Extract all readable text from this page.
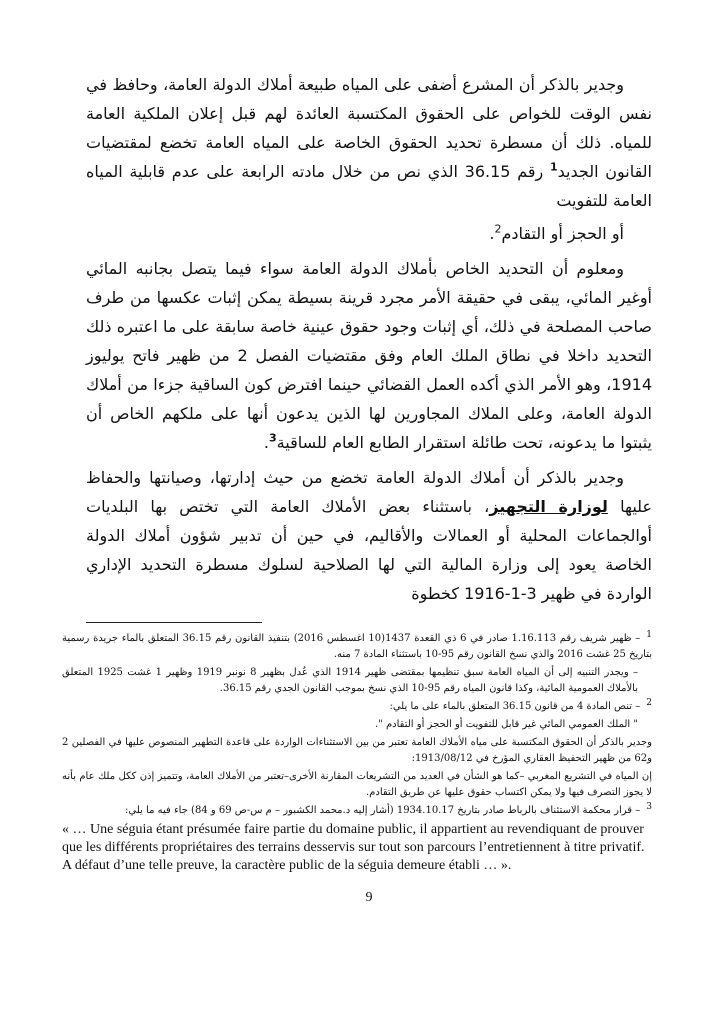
وجدير بالذكر أن المشرع أضفى على المياه طبيعة أملاك الدولة العامة، وحافظ في نفس الوقت للخواص على الحقوق المكتسبة العائدة لهم قبل إعلان الملكية العامة للمياه. ذلك أن مسطرة تحديد الحقوق الخاصة على المياه العامة تخضع لمقتضيات القانون الجديد$^1$ رقم 36.15 الذي نص من خلال مادته الرابعة على عدم قابلية المياه العامة للتفويت

أو الحجز أو التقادم$^2$.

ومعلوم أن التحديد الخاص بأملاك الدولة العامة سواء فيما يتصل بجانبه المائي أوغير المائي، يبقى في حقيقة الأمر مجرد قرينة بسيطة يمكن إثبات عكسها من طرف صاحب المصلحة في ذلك، أي إثبات وجود حقوق عينية خاصة سابقة على ما اعتبره ذلك التحديد داخلا في نطاق الملك العام وفق مقتضيات الفصل 2 من ظهير فاتح يوليوز 1914، وهو الأمر الذي أكده العمل القضائي حينما افترض كون الساقية جزءا من أملاك الدولة العامة، وعلى الملاك المجاورين لها الذين يدعون أنها على ملكهم الخاص أن يثبتوا ما يدعونه، تحت طائلة استقرار الطابع العام للساقية$^3$.

وجدير بالذكر أن أملاك الدولة العامة تخضع من حيث إدارتها، وصيانتها والحفاظ عليها لوزارة التجهيز، باستثناء بعض الأملاك العامة التي تختص بها البلديات أوالجماعات المحلية أو العمالات والأقاليم، في حين أن تدبير شؤون أملاك الدولة الخاصة يعود إلى وزارة المالية التي لها الصلاحية لسلوك مسطرة التحديد الإداري الواردة في ظهير 3-1-1916 كخطوة

1– ظهير شريف رقم 1.16.113 صادر في 6 ذي القعدة 1437(10 اغسطس 2016) بتنفيذ القانون رقم 36.15 المتعلق بالماء جريدة رسمية بتاريخ 25 غشت 2016 والذي نسخ القانون رقم 95-10 باستثناء المادة 7 منه.

– ويجدر التنبيه إلى أن المياه العامة سبق تنظيمها بمقتضى ظهير 1914 الذي عُدل بظهير 8 نونبر 1919 وظهير 1 غشت 1925 المتعلق بالأملاك العمومية المائية، وكذا قانون المياه رقم 95-10 الذي نسخ بموجب القانون الجدي رقم 36.15.

2– تنص المادة 4 من قانون 36.15 المتعلق بالماء على ما يلي:

" الملك العمومي المائي غير قابل للتفويت أو الحجز أو التقادم ".

وجدير بالذكر أن الحقوق المكتسبة على مياه الأملاك العامة تعتبر من بين الاستثناءات الواردة على قاعدة التطهير المنصوص عليها في الفصلين 2 و62 من ظهير التحفيظ العقاري المؤرخ في 1913/08/12:

إن المياه في التشريع المغربي –كما هو الشأن في العديد من التشريعات المقارنة الأخرى–تعتبر من الأملاك العامة، وتتميز إذن ككل ملك عام بأنه لا يجوز التصرف فيها ولا يمكن اكتساب حقوق عليها عن طريق التقادم.

3– قرار محكمة الاستئناف بالرباط صادر بتاريخ 1934.10.17 (أشار إليه د.محمد الكشبور – م س-ص 69 و 84) جاء فيه ما يلي:

« … Une séguia étant présumée faire partie du domaine public, il appartient au revendiquant de prouver que les différents propriétaires des terrains desservis sur tout son parcours l’entretiennent à titre privatif.

A défaut d’une telle preuve, la caractère public de la séguia demeure établi … ».

9
